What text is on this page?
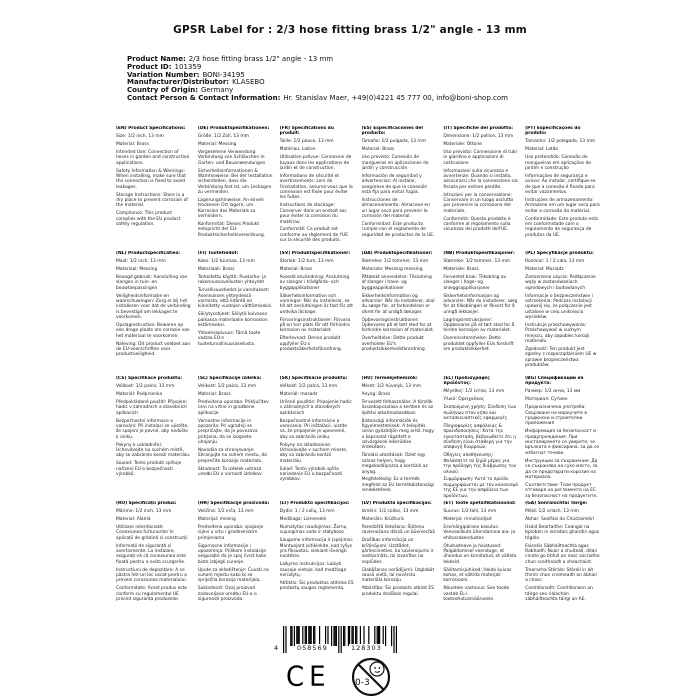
GPSR Label for : 2/3 hose fitting brass 1/2" angle - 13 mm
Product Name: 2/3 hose fitting brass 1/2" angle - 13 mm
Product ID: 101359
Variation Number: BONI-34195
Manufacturer/Distributor: KLASEBO
Country of Origin: Germany
Contact Person & Contact Information: Hr. Stanislav Maer, +49(0)4221 45 777 00, info@boni-shop.com

(EN) Product Specifications:

Size: 1/2 inch, 13 mm

Material: Brass

Intended Use: Connection of hoses in garden and construction applications.

Safety Information & Warnings: When installing, make sure that the connection is fixed to avoid leakages.

Storage Instructions: Store in a dry place to prevent corrosion of the material.

Compliance: This product complies with the EU product safety regulation.

(DE) Produktspezifikationen:

Größe: 1/2 Zoll, 13 mm

Material: Messing

Vorgesehene Verwendung: Verbindung von Schläuchen in Garten- und Bauanwendungen

Sicherheitsinformationen & Warnhinweise: Bei der Installation sicherstellen, dass die Verbindung fest ist, um Leckagen zu vermeiden.

Lagerungshinweise: An einem trockenen Ort lagern, um Korrosion des Materials zu verhindern.

Konformität: Dieses Produkt entspricht der EU-Produktsicherheitsverordnung.

(FR) Spécifications du produit:

Taille: 1/2 pouce, 13 mm

Matériau: Laiton

Utilisation prévue: Connexion de tuyaux dans les applications de jardin et de construction.

Informations de sécurité et avertissements: Lors de l'installation, assurez-vous que la connexion est fixée pour éviter les fuites.

Instructions de stockage: Conserver dans un endroit sec pour éviter la corrosion du matériau.

Conformité: Ce produit est conforme au règlement de l'UE sur la sécurité des produits.

(ES) Especificaciones del producto:

Tamaño: 1/2 pulgada, 13 mm

Material: Brass

Uso previsto: Conexión de mangueras en aplicaciones de jardín y construcción

Información de seguridad y advertencias: Al instalar, asegúrese de que la conexión está fija para evitar fugas.

Instrucciones de almacenamiento: Almacene en un lugar seco para prevenir la corrosión del material.

Conformidad: Este producto cumple con el reglamento de seguridad de productos de la UE.

(IT) Specifiche del prodotto:

Dimensione: 1/2 pollice, 13 mm

Materiale: Ottone

Uso previsto: Connessione di tubi in giardino e applicazioni di costruzione

Informazioni sulla sicurezza e avvertenze: Quando si installa, assicurarsi che la connessione sia fissata per evitare perdite.

Istruzioni per la conservazione: Conservare in un luogo asciutto per prevenire la corrosione del materiale.

Conformità: Questo prodotto è conforme al regolamento sulla sicurezza dei prodotti dell'UE.

(PT) Especificações do produto:

Tamanho: 1/2 polegada, 13 mm

Material: Latão

Uso pretendido: Conexão de mangueiras em aplicações de jardim e construção

Informações de segurança e avisos: Ao instalar, certifique-se de que a conexão é fixada para evitar vazamentos.

Instruções de armazenamento: Armazene em um lugar seco para evitar a corrosão do material.

Conformidade: Este produto está em conformidade com o regulamento de segurança de produtos da UE.

(NL) Productspecificaties:

Maat: 1/2 inch, 13 mm

Materiaal: Messing

Beoogd gebruik: Aansluiting van slangen in tuin- en bouwtoepassingen

Veiligheidsinformatie en waarschuwingen: Zorg er bij het installeren voor dat de verbinding is bevestigd om lekkages te voorkomen.

Opslaginstructies: Bewaren op een droge plaats om corrosie van het materiaal te voorkomen.

Naleving: Dit product voldoet aan de EU-voorschriften voor productveiligheid.

(FI) Tuotetiedot:

Koko: 1/2 tuumaa, 13 mm

Materiaali: Brass

Tarkoitettu käyttö: Puutarha- ja rakennussovellusten yhteydet

Turvallisuustiedot ja varoitukset: Asennuksen yhteydessä varmista, että liitäntä on kiinnitetty vuotojen välttämiseksi.

Säilytysohjeet: Säilytä kuivassa paikassa materiaalin korroosion estämiseksi.

Yhteensopivuus: Tämä tuote vastaa EU:n tuoteturvallisuusasetusta.

(SV) Produktspecifikationer:

Storlek: 1/2 tum, 13 mm

Material: Brass

Avsedd användning: Anslutning av slangar i trädgårds- och byggapplikationer

Säkerhetsinformation och varningar: När du installerar, se till att anslutningen är fast för att undvika läckage.

Förvaringsinstruktioner: Förvara på en torr plats för att förhindra korrosion av materialet.

Efterlevnad: Denna produkt uppfyller EU:s produktsäkerhetsförordning.

(DA) Produktspecifikationer:

Størrelse: 1/2 tommer, 13 mm

Materiale: Messing messing

Påtænkt anvendelse: Tilslutning af slanger i have- og byggeapplikationer

Sikkerhedsinformation og advarsler: Når du installerer, skal du sørge for, at forbindelsen er sikret for at undgå lækager.

Opbevaringsinstruktioner: Opbevares på et tørt sted for at forhindre korrosion af materialet.

Overholdelse: Dette produkt overholder EU's produktsikkerhedsforordning.

(NB) Produktspesifikasjoner:

Størrelse: 1/2 tommer, 13 mm

Materiale: Brass

Forventet bruk: Tilkobling av slanger i hage- og anleggsapplikasjoner

Sikkerhetsinformasjon og advarsler: Når du installerer, sørg for at tilkoblingen er fiksert for å unngå lekkasjer.

Lagringsinstruksjoner: Oppbevares på et tørt sted for å hindre korrosjon av materialet.

Overensstemmelse: Dette produktet oppfyller EUs forskrift om produktsikkerhet.

(PL) Specyfikacje produktu:

Rozmiar: 1 / 2 cala, 13 mm

Materiał: Mosiądz

Zamierzone użycie: Podłączenie węży w zastosowaniach ogrodowych i budowlanych

Informacje o bezpieczeństwie i ostrzeżenia: Podczas instalacji upewnij się, że połączenie jest ustalone w celu uniknięcia wycieków.

Instrukcje przechowywania: Przechowywać w suchym miejscu, aby zapobiec korozji materiału.

Zgodność: Ten produkt jest zgodny z rozporządzeniem UE w sprawie bezpieczeństwa produktów.

(CS) Specifikace produktu:

Velikost: 1/2 palce, 13 mm

Materiál: Podprsenka

Předpokládané použití: Připojení hadic v zahradních a stavebních aplikacích

Bezpečnostní informace a varování: Při instalaci se ujistěte, že spojení je pevné, aby nedošlo k úniku.

Pokyny k uskladnění: Uchovávejte na suchém místě, aby se zabránilo korozi materiálu.

Soulad: Tento produkt splňuje nařízení EU o bezpečnosti výrobků.

(SL) Specifikacije izdelka:

Velikost: 1/2 palca, 13 mm

Material: Brass

Predvidena uporaba: Priključitev cevi na vrtne in gradbene aplikacije

Varnostne informacije in opozorila: Pri vgradnji se prepričajte, da je povezava pritrjena, da se izognete uhajanju.

Navodila za shranjevanje: Shranjujte na suhem mestu, da preprečite korozijo materiala.

Skladnost: Ta izdelek ustreza uredbi EU o varnosti izdelkov.

(SK) Špecifikácie produktu:

Veľkosť: 1/2 palca, 13 mm

Materiál: mosadz

Určené použitie: Pripojenie hadíc v záhradných a stavebných aplikáciách

Bezpečnostné informácie a varovania: Pri inštalácii, uistite sa, že pripojenie je upevnené, aby sa zabránilo úniku.

Pokyny na skladovanie: Uchovávajte v suchom mieste, aby sa zabránilo korózii materiálu.

Súlad: Tento výrobok spĺňa nariadenie EÚ o bezpečnosti výrobkov.

(HU) Termékjellemzők:

Méret: 1/2 hüvelyk, 13 mm

Anyag: Brass

Tervezett felhasználás: A tömlők összekapcsolása a kertben és az építési alkalmazásokban

Biztonsági információk és figyelmeztetések: A telepítés során győződjön meg arról, hogy a kapcsolat rögzített a szivárgások elkerülése érdekében.

Tárolási utasítások: Üzlet egy száraz helyen, hogy megakadályozza a korrózió az anyag.

Megfelelőség: Ez a termék megfelel az EU termékbiztonsági rendeletének.

(EL) Προδιαγραφές προϊόντος:

Μέγεθος: 1/2 ίντσα, 13 mm

Υλικό: Ορείχαλκος

Σκοπούμενη χρήση: Σύνδεση των σωλήνων στον κήπο και κατασκευαστικές εφαρμογές

Πληροφορίες ασφάλειας & προειδοποιήσεις: Κατά την εγκατάσταση, βεβαιωθείτε ότι η σύνδεση είναι σταθερή για την αποφυγή διαρροών.

Οδηγίες αποθήκευσης: Φυλάσσετε σε ξηρό μέρος για την πρόληψη της διάβρωσης του υλικού.

Συμμόρφωση: Αυτό το προϊόν συμμορφώνεται με τον κανονισμό της ΕΕ για την ασφάλεια των προϊόντων.

(BG) Спецификации на продукта:

Размер: 1/2 инча, 13 мм

Материал: Сутиен

Предназначена употреба: Свързване на маркучите в градински и строителни приложения

Информация за безопасност и предупреждения: При инсталирането се уверете, че връзката е фиксирана, за да се избегнат течове.

Инструкции за съхранение: Да се съхранява на сухо място, за да се предотврати корозия на материала.

Съответствие: Този продукт отговаря на регламента на ЕС за безопасност на продуктите.

(RO) Specificații produs:

Mărime: 1/2 inch, 13 mm

Material: Alamă

Utilizare intenționată: Conexiunea furtunurilor în aplicații de grădină și construcții

Informații de siguranță și avertismente: La instalare, asigurați-vă că conexiunea este fixată pentru a evita scurgerile.

Instrucțiuni de depozitare: A se păstra într-un loc uscat pentru a preveni coroziunea materialului.

Conformitate: Acest produs este conform cu regulamentul UE privind siguranța produselor.

(HR) Specifikacije proizvoda:

Veličina: 1/2 inča, 13 mm

Materijal: mesing

Predviđena uporaba: spajanje cijevi u vrtu i građevinskim primjenama

Sigurnosne informacije i upozorenja: Prilikom instalacije osigurajte da je spoj čvrst kako biste izbjegli curenje.

Upute za skladištenje: Čuvati na suhom mjestu kako bi se spriječila korozija materijala.

Sukladnost: Ovaj proizvod zadovoljava uredbu EU-a o sigurnosti proizvoda.

(LT) Produkto specifikacijos:

Dydis: 1 / 2 colių, 13 mm

Medžiaga: Liemenėlė

Numatytas naudojimas: Žarnų sujungimas sode ir statybose

Saugumo informacija ir įspėjimai: Montuojant įsitikinkite, kad ryšys yra fiksuotas, siekiant išvengti nuotėkio.

Laikymo instrukcijos: Laikyti sausoje vietoje, kad medžiaga nerūdytų.

Atitiktis: Šis produktas atitinka ES produktų saugos reglamentą.

(LV) Produkta specifikācijas:

Izmērs: 1/2 collas, 13 mm

Materiāls: Krūšturis

Paredzētā lietošana: Šļūteņu savienošana dārzā un būvniecībā

Drošības informācija un brīdinājumi: Uzstādot, pārliecinieties, ka savienojums ir nostiprināts, lai izvairītos no noplūdes.

Glabāšanas norādījumi: Uzglabāt sausā vietā, lai novērstu materiāla koroziju.

Atbilstība: Šis produkts atbilst ES produktu drošības regulai.

(ET) Toote spetsifikatsioonid:

Suurus: 1/2 tolli, 13 mm

Materjal: rinnahoidjad

Eesmärgipärane kasutus: Veevoolikute ühendamine aia- ja ehitusrakendustes

Ohutusteave ja hoiatused: Paigaldamisel veenduge, et ühendus on kinnitatud, et vältida lekkeid.

Säilitamisjuhised: Hoida kuivas kohas, et vältida materjali korrosiooni.

Nõuetele vastavus: See toode vastab EL-i tooteohutusmäärusele.

(GA) Sonraíochtaí Táirge:

Méid: 1/2 orlach, 13 mm

Ábhar: Seolfáis do Chústaiméirí

Úsáid Beartaithe: Ceangal na bpíobán in iarratais ghairdín agus tógála

Faisnéis Sábháilteachta agus Rabhadh: Nuair a shuiteáil, déan cinnte go bhfuil an nasc socraithe chun sceitheadh a sheachaint.

Treoracha Stórála: Stóráil in áit thirim chun creimeadh an ábhair a chosc.

Comhlíonadh: Comhlíonann an táirge seo rialachán sábháilteachta táirgí an AE.

4	058569	128303
CE	0-3
